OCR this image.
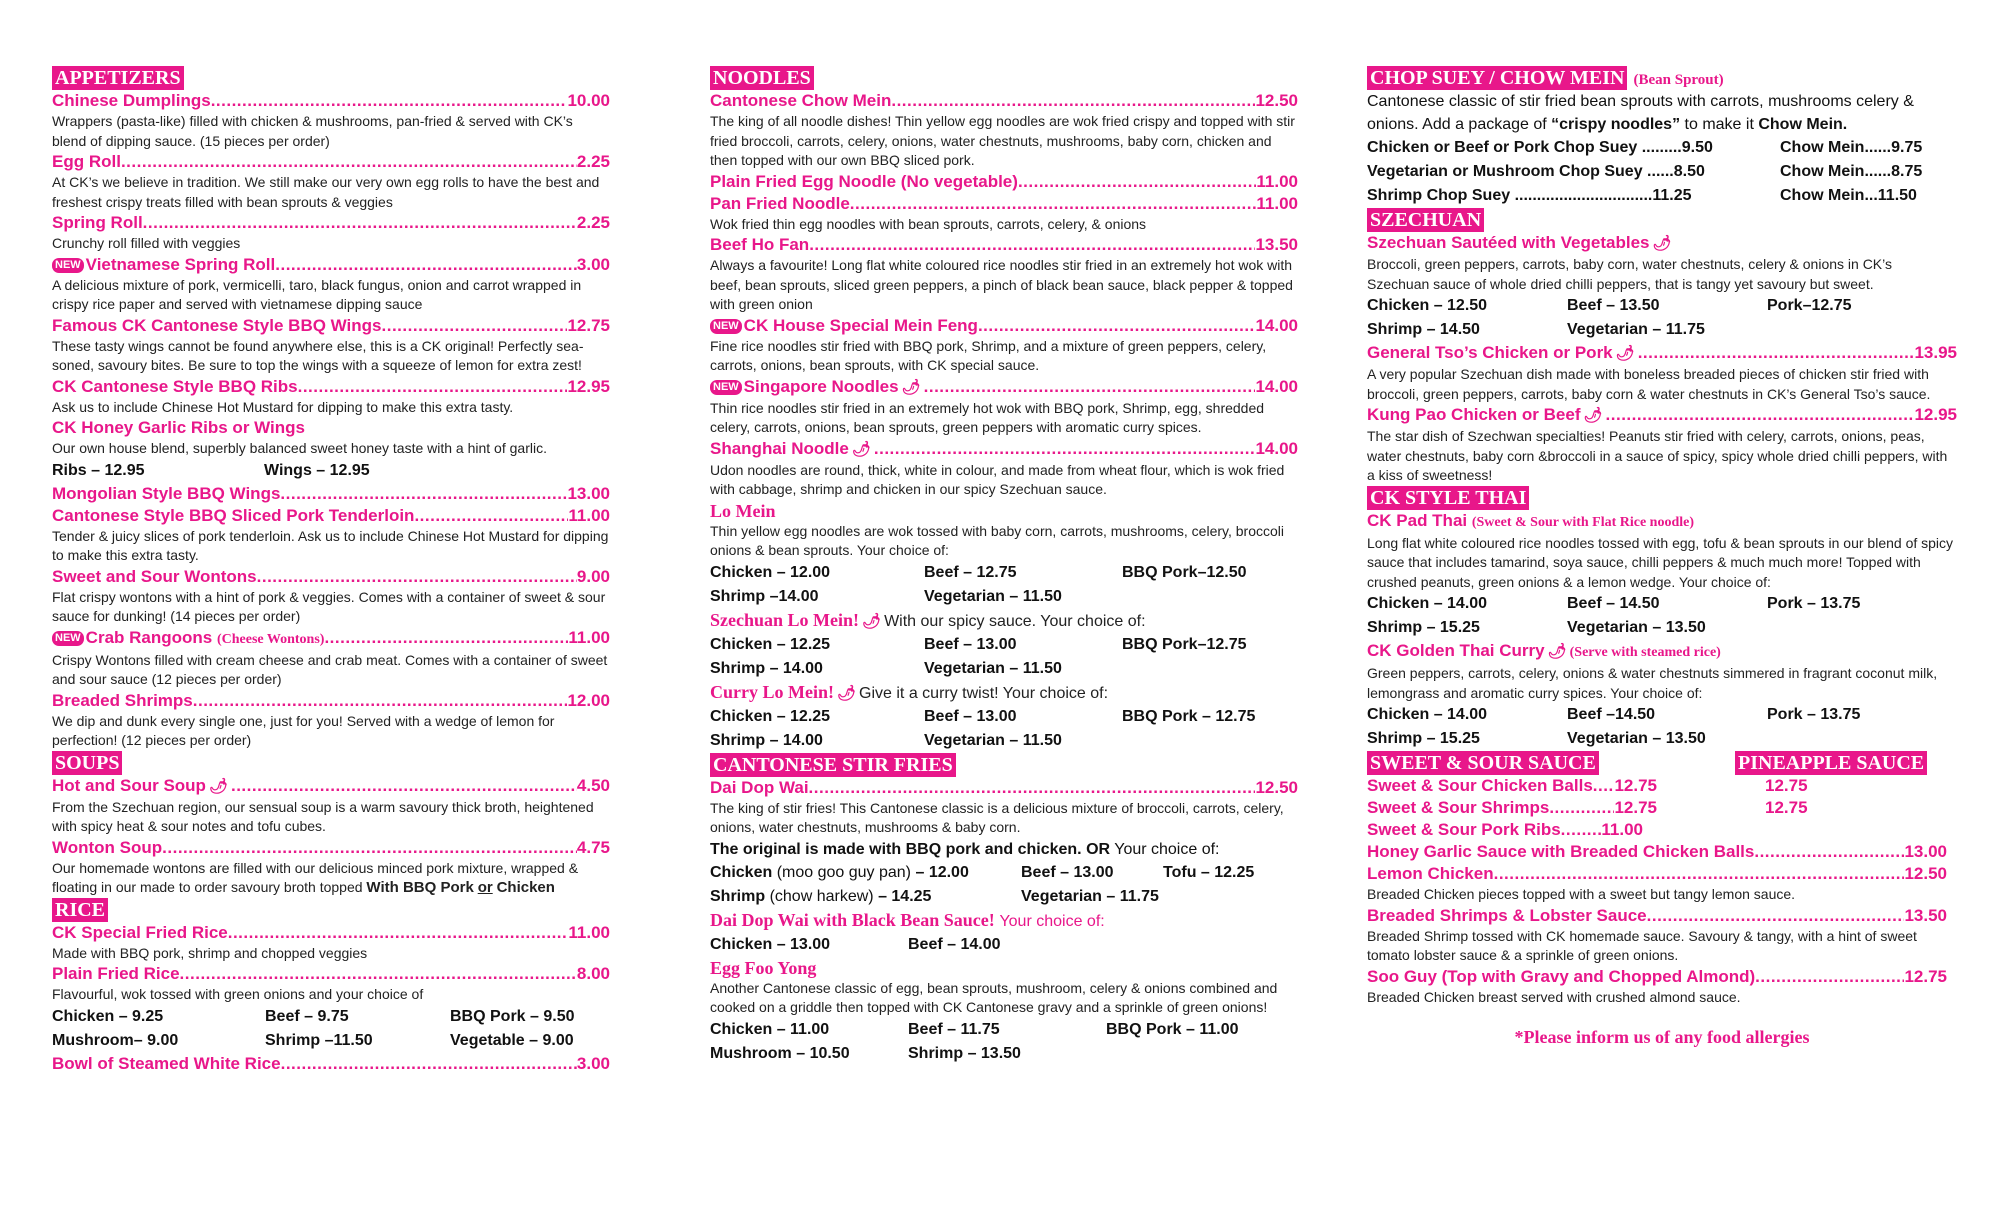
APPETIZERS
Chinese Dumplings .....	10.00

Wrappers (pasta-like) filled with chicken & mushrooms, pan-fried & served with CK’s blend of dipping sauce. (15 pieces per order)

Egg Roll .....	2.25

At CK’s we believe in tradition. We still make our very own egg rolls to have the best and freshest crispy treats filled with bean sprouts & veggies

Spring Roll .....	2.25

Crunchy roll filled with veggies

NEW Vietnamese Spring Roll .....	3.00

A delicious mixture of pork, vermicelli, taro, black fungus, onion and carrot wrapped in crispy rice paper and served with vietnamese dipping sauce

Famous CK Cantonese Style BBQ Wings .....	12.75

These tasty wings cannot be found anywhere else, this is a CK original! Perfectly sea- soned, savoury bites. Be sure to top the wings with a squeeze of lemon for extra zest!

CK Cantonese Style BBQ Ribs .....	12.95

Ask us to include Chinese Hot Mustard for dipping to make this extra tasty.

CK Honey Garlic Ribs or Wings

Our own house blend, superbly balanced sweet honey taste with a hint of garlic.

Ribs – 12.95	Wings – 12.95
Mongolian Style BBQ Wings .....	13.00
Cantonese Style BBQ Sliced Pork Tenderloin .....	11.00

Tender & juicy slices of pork tenderloin. Ask us to include Chinese Hot Mustard for dipping to make this extra tasty.

Sweet and Sour Wontons .....	9.00

Flat crispy wontons with a hint of pork & veggies. Comes with a container of sweet & sour sauce for dunking! (14 pieces per order)

NEW Crab Rangoons (Cheese Wontons) .....	11.00

Crispy Wontons filled with cream cheese and crab meat. Comes with a container of sweet and sour sauce (12 pieces per order)

Breaded Shrimps .....	12.00

We dip and dunk every single one, just for you! Served with a wedge of lemon for perfection! (12 pieces per order)

SOUPS
Hot and Sour Soup 🌶 .....	4.50

From the Szechuan region, our sensual soup is a warm savoury thick broth, heightened with spicy heat & sour notes and tofu cubes.

Wonton Soup .....	4.75

Our homemade wontons are filled with our delicious minced pork mixture, wrapped & floating in our made to order savoury broth topped With BBQ Pork or Chicken

RICE
CK Special Fried Rice .....	11.00

Made with BBQ pork, shrimp and chopped veggies

Plain Fried Rice .....	8.00

Flavourful, wok tossed with green onions and your choice of

Chicken – 9.25	Beef – 9.75	BBQ Pork – 9.50
Mushroom– 9.00	Shrimp –11.50	Vegetable – 9.00
Bowl of Steamed White Rice .....	3.00
NOODLES
Cantonese Chow Mein .....	12.50

The king of all noodle dishes! Thin yellow egg noodles are wok fried crispy and topped with stir fried broccoli, carrots, celery, onions, water chestnuts, mushrooms, baby corn, chicken and then topped with our own BBQ sliced pork.

Plain Fried Egg Noodle (No vegetable) .....	11.00
Pan Fried Noodle .....	11.00

Wok fried thin egg noodles with bean sprouts, carrots, celery, & onions

Beef Ho Fan .....	13.50

Always a favourite! Long flat white coloured rice noodles stir fried in an extremely hot wok with beef, bean sprouts, sliced green peppers, a pinch of black bean sauce, black pepper & topped with green onion

NEW CK House Special Mein Feng .....	14.00

Fine rice noodles stir fried with BBQ pork, Shrimp, and a mixture of green peppers, celery, carrots, onions, bean sprouts, with CK special sauce.

NEW Singapore Noodles 🌶 .....	14.00

Thin rice noodles stir fried in an extremely hot wok with BBQ pork, Shrimp, egg, shredded celery, carrots, onions, bean sprouts, green peppers with aromatic curry spices.

Shanghai Noodle 🌶 .....	14.00

Udon noodles are round, thick, white in colour, and made from wheat flour, which is wok fried with cabbage, shrimp and chicken in our spicy Szechuan sauce.

Lo Mein

Thin yellow egg noodles are wok tossed with baby corn, carrots, mushrooms, celery, broccoli onions & bean sprouts. Your choice of:

Chicken – 12.00	Beef – 12.75	BBQ Pork–12.50
Shrimp –14.00	Vegetarian – 11.50
Szechuan Lo Mein! 🌶 With our spicy sauce. Your choice of:
Chicken – 12.25	Beef – 13.00	BBQ Pork–12.75
Shrimp – 14.00	Vegetarian – 11.50
Curry Lo Mein! 🌶 Give it a curry twist! Your choice of:
Chicken – 12.25	Beef – 13.00	BBQ Pork – 12.75
Shrimp – 14.00	Vegetarian – 11.50
CANTONESE STIR FRIES
Dai Dop Wai .....	12.50

The king of stir fries! This Cantonese classic is a delicious mixture of broccoli, carrots, celery, onions, water chestnuts, mushrooms & baby corn.

The original is made with BBQ pork and chicken. OR Your choice of:
Chicken (moo goo guy pan) – 12.00	Beef – 13.00	Tofu – 12.25
Shrimp (chow harkew) – 14.25	Vegetarian – 11.75
Dai Dop Wai with Black Bean Sauce! Your choice of:
Chicken – 13.00	Beef – 14.00
Egg Foo Yong

Another Cantonese classic of egg, bean sprouts, mushroom, celery & onions combined and cooked on a griddle then topped with CK Cantonese gravy and a sprinkle of green onions!

Chicken – 11.00	Beef – 11.75	BBQ Pork – 11.00
Mushroom – 10.50	Shrimp – 13.50
CHOP SUEY / CHOW MEIN (Bean Sprout)
Cantonese classic of stir fried bean sprouts with carrots, mushrooms celery & onions. Add a package of “crispy noodles” to make it Chow Mein.
Chicken or Beef or Pork Chop Suey .........9.50	Chow Mein......9.75
Vegetarian or Mushroom Chop Suey ......8.50	Chow Mein......8.75
Shrimp Chop Suey ...............................11.25	Chow Mein...11.50
SZECHUAN
Szechuan Sautéed with Vegetables 🌶

Broccoli, green peppers, carrots, baby corn, water chestnuts, celery & onions in CK’s Szechuan sauce of whole dried chilli peppers, that is tangy yet savoury but sweet.

Chicken – 12.50	Beef – 13.50	Pork–12.75
Shrimp – 14.50	Vegetarian – 11.75
General Tso’s Chicken or Pork 🌶 .....	13.95

A very popular Szechuan dish made with boneless breaded pieces of chicken stir fried with broccoli, green peppers, carrots, baby corn & water chestnuts in CK’s General Tso’s sauce.

Kung Pao Chicken or Beef 🌶 .....	12.95

The star dish of Szechwan specialties! Peanuts stir fried with celery, carrots, onions, peas, water chestnuts, baby corn &broccoli in a sauce of spicy, spicy whole dried chilli peppers, with a kiss of sweetness!

CK STYLE THAI
CK Pad Thai (Sweet & Sour with Flat Rice noodle)

Long flat white coloured rice noodles tossed with egg, tofu & bean sprouts in our blend of spicy sauce that includes tamarind, soya sauce, chilli peppers & much much more! Topped with crushed peanuts, green onions & a lemon wedge. Your choice of:

Chicken – 14.00	Beef – 14.50	Pork – 13.75
Shrimp – 15.25	Vegetarian – 13.50
CK Golden Thai Curry 🌶 (Serve with steamed rice)

Green peppers, carrots, celery, onions & water chestnuts simmered in fragrant coconut milk, lemongrass and aromatic curry spices. Your choice of:

Chicken – 14.00	Beef –14.50	Pork – 13.75
Shrimp – 15.25	Vegetarian – 13.50
SWEET & SOUR SAUCE	PINEAPPLE SAUCE
Sweet & Sour Chicken Balls ..... 12.75	12.75
Sweet & Sour Shrimps .....	12.75	12.75
Sweet & Sour Pork Ribs ..... 11.00
Honey Garlic Sauce with Breaded Chicken Balls .....	13.00
Lemon Chicken .....	12.50

Breaded Chicken pieces topped with a sweet but tangy lemon sauce.

Breaded Shrimps & Lobster Sauce .....	13.50

Breaded Shrimp tossed with CK homemade sauce. Savoury & tangy, with a hint of sweet tomato lobster sauce & a sprinkle of green onions.

Soo Guy (Top with Gravy and Chopped Almond) .....	12.75

Breaded Chicken breast served with crushed almond sauce.

*Please inform us of any food allergies
